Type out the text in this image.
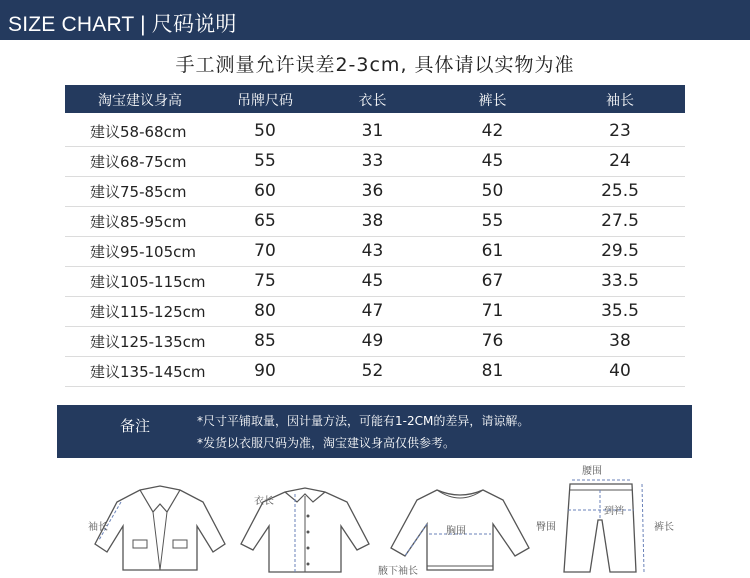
SIZE CHART | 尺码说明
手工测量允许误差2-3cm, 具体请以实物为准
淘宝建议身高	吊牌尺码	衣长	裤长	袖长
建议58-68cm	50	31	42	23
建议68-75cm	55	33	45	24
建议75-85cm	60	36	50	25.5
建议85-95cm	65	38	55	27.5
建议95-105cm	70	43	61	29.5
建议105-115cm	75	45	67	33.5
建议115-125cm	80	47	71	35.5
建议125-135cm	85	49	76	38
建议135-145cm	90	52	81	40
备注	*尺寸平铺取量，因计量方法，可能有1-2CM的差异，请谅解。
*发货以衣服尺码为准，淘宝建议身高仅供参考。
袖长
衣长
胸围
腋下袖长
腰围
臀围
到裆
裤长
